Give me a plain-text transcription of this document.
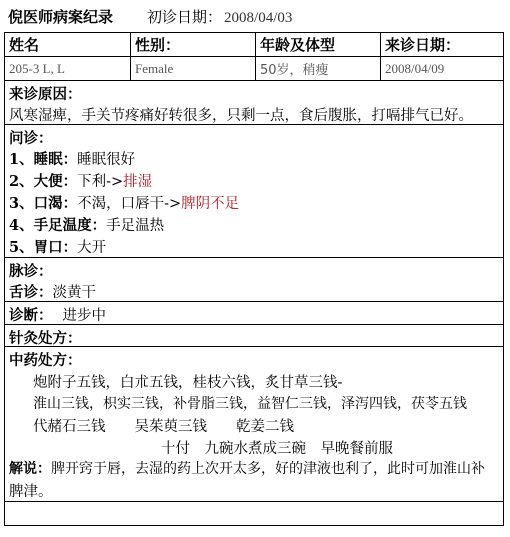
倪医师病案纪录 初诊日期： 2008/04/03
姓名	性别：	年龄及体型	来诊日期：
205-3 L, L	Female	50岁，稍瘦	2008/04/09
来诊原因：
风寒湿痺，手关节疼痛好转很多，只剩一点，食后腹胀，打嗝排气已好。
问诊：
1、睡眠：睡眠很好
2、大便：下利->排湿
3、口渴：不渴，口唇干->脾阴不足
4、手足温度：手足温热
5、胃口：大开
脉诊：
舌诊：淡黄干
诊断： 进步中
针灸处方：
中药处方：
炮附子五钱，白朮五钱，桂枝六钱，炙甘草三钱-
淮山三钱，枳实三钱，补骨脂三钱，益智仁三钱，泽泻四钱，茯苓五钱
代赭石三钱　　吴茱萸三钱　　乾姜二钱
十付　九碗水煮成三碗　早晚餐前服
解说：脾开窍于唇，去湿的药上次开太多，好的津液也利了，此时可加淮山补
脾津。
